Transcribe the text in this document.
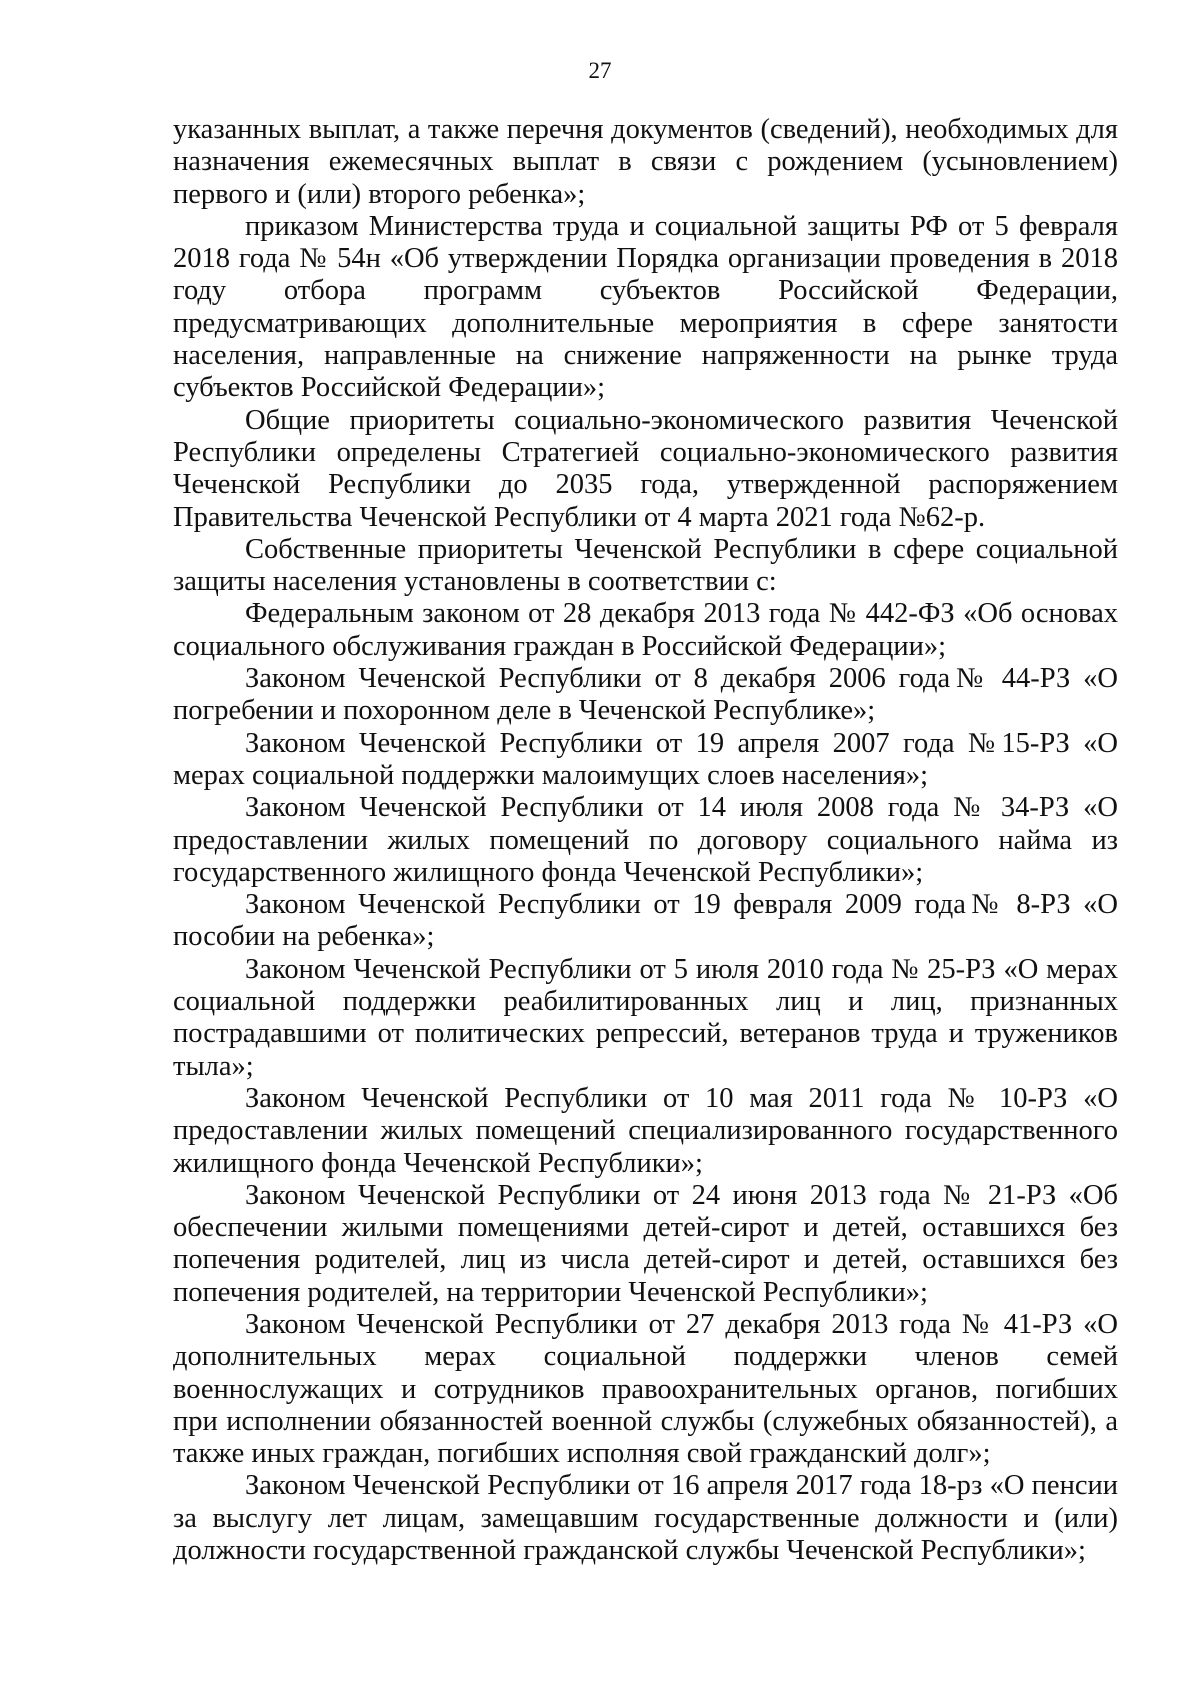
27

указанных выплат, а также перечня документов (сведений), необходимых для назначения ежемесячных выплат в связи с рождением (усыновлением) первого и (или) второго ребенка»;

приказом Министерства труда и социальной защиты РФ от 5 февраля 2018 года № 54н «Об утверждении Порядка организации проведения в 2018 году отбора программ субъектов Российской Федерации, предусматривающих дополнительные мероприятия в сфере занятости населения, направленные на снижение напряженности на рынке труда субъектов Российской Федерации»;

Общие приоритеты социально-экономического развития Чеченской Республики определены Стратегией социально-экономического развития Чеченской Республики до 2035 года, утвержденной распоряжением Правительства Чеченской Республики от 4 марта 2021 года №62-р.

Собственные приоритеты Чеченской Республики в сфере социальной защиты населения установлены в соответствии с:

Федеральным законом от 28 декабря 2013 года № 442-ФЗ «Об основах социального обслуживания граждан в Российской Федерации»;

Законом Чеченской Республики от 8 декабря 2006 года№ 44-РЗ «О погребении и похоронном деле в Чеченской Республике»;

Законом Чеченской Республики от 19 апреля 2007 года №15-РЗ «О мерах социальной поддержки малоимущих слоев населения»;

Законом Чеченской Республики от 14 июля 2008 года № 34-РЗ «О предоставлении жилых помещений по договору социального найма из государственного жилищного фонда Чеченской Республики»;

Законом Чеченской Республики от 19 февраля 2009 года№ 8-РЗ «О пособии на ребенка»;

Законом Чеченской Республики от 5 июля 2010 года № 25-РЗ «О мерах социальной поддержки реабилитированных лиц и лиц, признанных пострадавшими от политических репрессий, ветеранов труда и тружеников тыла»;

Законом Чеченской Республики от 10 мая 2011 года № 10-РЗ «О предоставлении жилых помещений специализированного государственного жилищного фонда Чеченской Республики»;

Законом Чеченской Республики от 24 июня 2013 года № 21-РЗ «Об обеспечении жилыми помещениями детей-сирот и детей, оставшихся без попечения родителей, лиц из числа детей-сирот и детей, оставшихся без попечения родителей, на территории Чеченской Республики»;

Законом Чеченской Республики от 27 декабря 2013 года № 41-РЗ «О дополнительных мерах социальной поддержки членов семей военнослужащих и сотрудников правоохранительных органов, погибших при исполнении обязанностей военной службы (служебных обязанностей), а также иных граждан, погибших исполняя свой гражданский долг»;

Законом Чеченской Республики от 16 апреля 2017 года 18-рз «О пенсии за выслугу лет лицам, замещавшим государственные должности и (или) должности государственной гражданской службы Чеченской Республики»;
